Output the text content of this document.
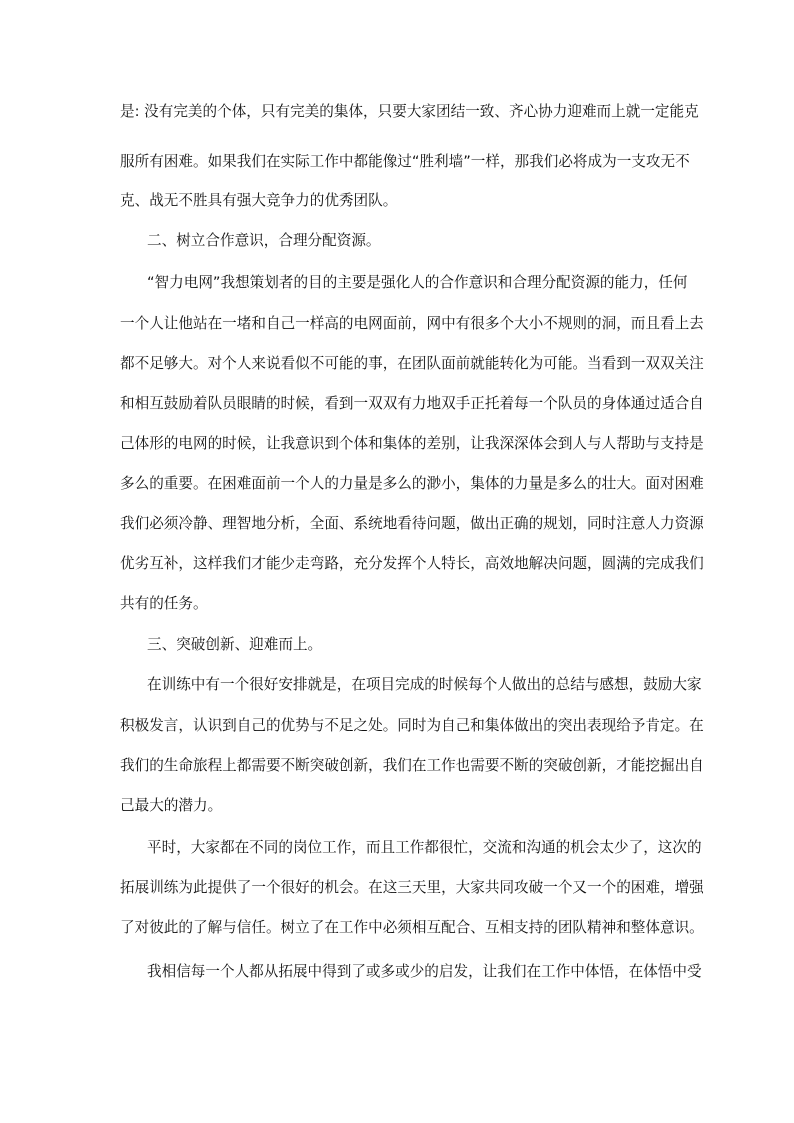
是: 没有完美的个体，只有完美的集体，只要大家团结一致、齐心协力迎难而上就一定能克
服所有困难。如果我们在实际工作中都能像过“胜利墙”一样，那我们必将成为一支攻无不
克、战无不胜具有强大竞争力的优秀团队。
二、树立合作意识，合理分配资源。
“智力电网”我想策划者的目的主要是强化人的合作意识和合理分配资源的能力，任何
一个人让他站在一堵和自己一样高的电网面前，网中有很多个大小不规则的洞，而且看上去
都不足够大。对个人来说看似不可能的事，在团队面前就能转化为可能。当看到一双双关注
和相互鼓励着队员眼睛的时候，看到一双双有力地双手正托着每一个队员的身体通过适合自
己体形的电网的时候，让我意识到个体和集体的差别，让我深深体会到人与人帮助与支持是
多么的重要。在困难面前一个人的力量是多么的渺小，集体的力量是多么的壮大。面对困难
我们必须冷静、理智地分析，全面、系统地看待问题，做出正确的规划，同时注意人力资源
优劣互补，这样我们才能少走弯路，充分发挥个人特长，高效地解决问题，圆满的完成我们
共有的任务。
三、突破创新、迎难而上。
在训练中有一个很好安排就是，在项目完成的时候每个人做出的总结与感想，鼓励大家
积极发言，认识到自己的优势与不足之处。同时为自己和集体做出的突出表现给予肯定。在
我们的生命旅程上都需要不断突破创新，我们在工作也需要不断的突破创新，才能挖掘出自
己最大的潜力。
平时，大家都在不同的岗位工作，而且工作都很忙，交流和沟通的机会太少了，这次的
拓展训练为此提供了一个很好的机会。在这三天里，大家共同攻破一个又一个的困难，增强
了对彼此的了解与信任。树立了在工作中必须相互配合、互相支持的团队精神和整体意识。
我相信每一个人都从拓展中得到了或多或少的启发，让我们在工作中体悟，在体悟中受
